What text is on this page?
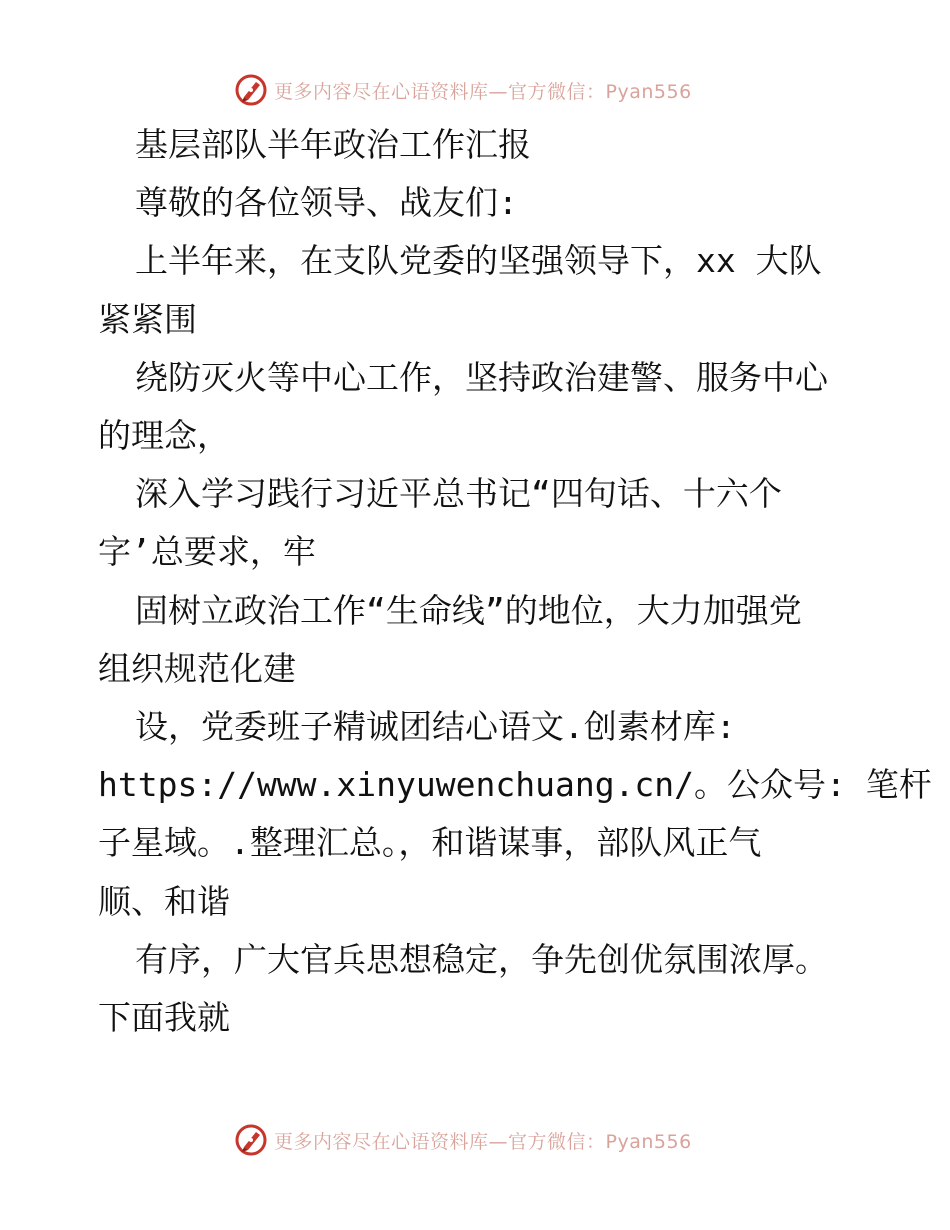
更多内容尽在心语资料库—官方微信：Pyan556
基层部队半年政治工作汇报
尊敬的各位领导、战友们:
上半年来，在支队党委的坚强领导下，xx 大队
紧紧围
绕防灭火等中心工作，坚持政治建警、服务中心
的理念，
深入学习践行习近平总书记“四句话、十六个
字’总要求，牢
固树立政治工作“生命线”的地位，大力加强党
组织规范化建
设，党委班子精诚团结心语文.创素材库:
https://www.xinyuwenchuang.cn/。公众号: 笔杆
子星域。.整理汇总。，和谐谋事，部队风正气
顺、和谐
有序，广大官兵思想稳定，争先创优氛围浓厚。
下面我就
更多内容尽在心语资料库—官方微信：Pyan556
